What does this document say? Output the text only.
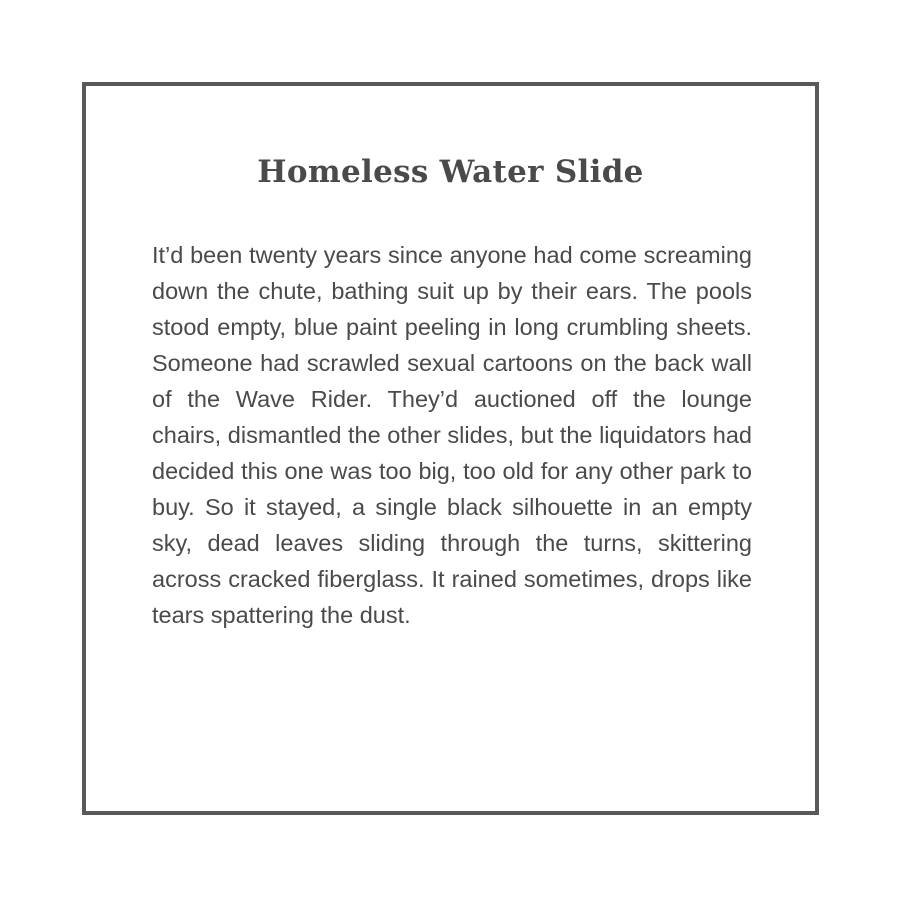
Homeless Water Slide

It’d been twenty years since anyone had come screaming down the chute, bathing suit up by their ears. The pools stood empty, blue paint peeling in long crumbling sheets. Someone had scrawled sexual cartoons on the back wall of the Wave Rider. They’d auctioned off the lounge chairs, dismantled the other slides, but the liquidators had decided this one was too big, too old for any other park to buy. So it stayed, a single black silhouette in an empty sky, dead leaves sliding through the turns, skittering across cracked fiberglass. It rained sometimes, drops like tears spattering the dust.
